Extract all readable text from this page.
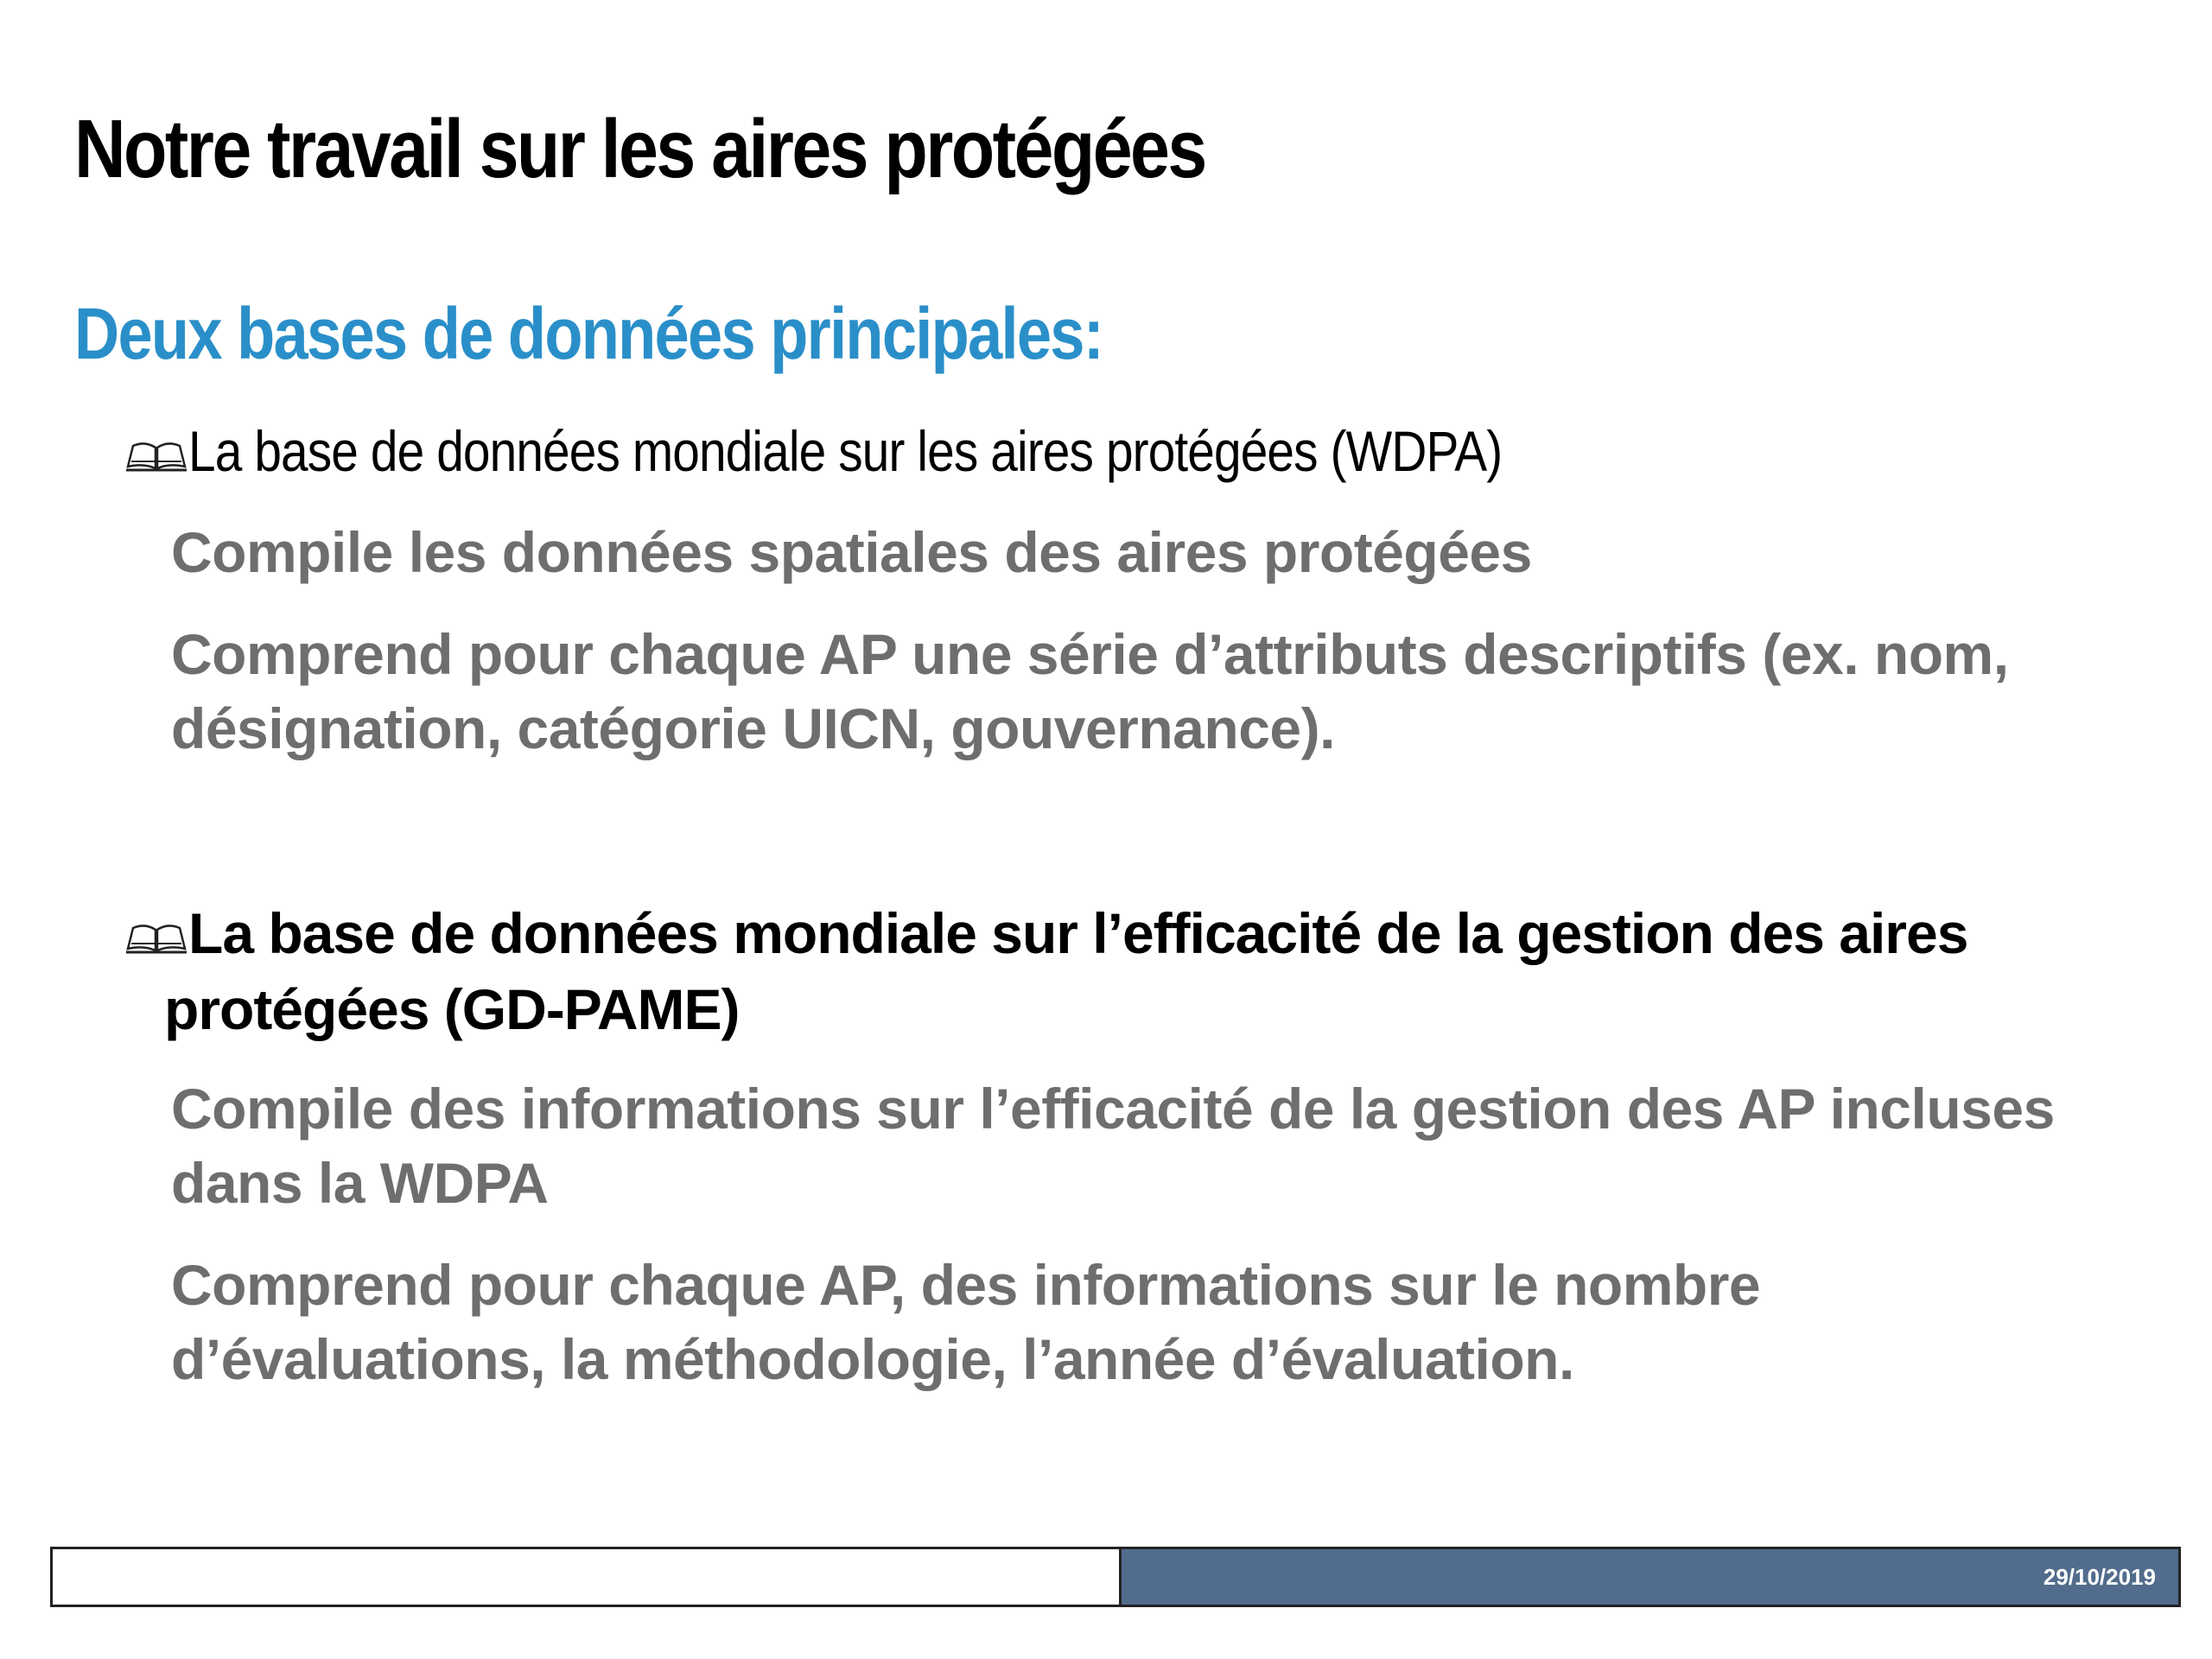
Notre travail sur les aires protégées
Deux bases de données principales:
La base de données mondiale sur les aires protégées (WDPA)

Compile les données spatiales des aires protégées

Comprend pour chaque AP une série d’attributs descriptifs (ex. nom, désignation, catégorie UICN, gouvernance).

La base de données mondiale sur l’efficacité de la gestion des aires
protégées (GD-PAME)

Compile des informations sur l’efficacité de la gestion des AP incluses dans la WDPA

Comprend pour chaque AP, des informations sur le nombre d’évaluations, la méthodologie, l’année d’évaluation.

29/10/2019
